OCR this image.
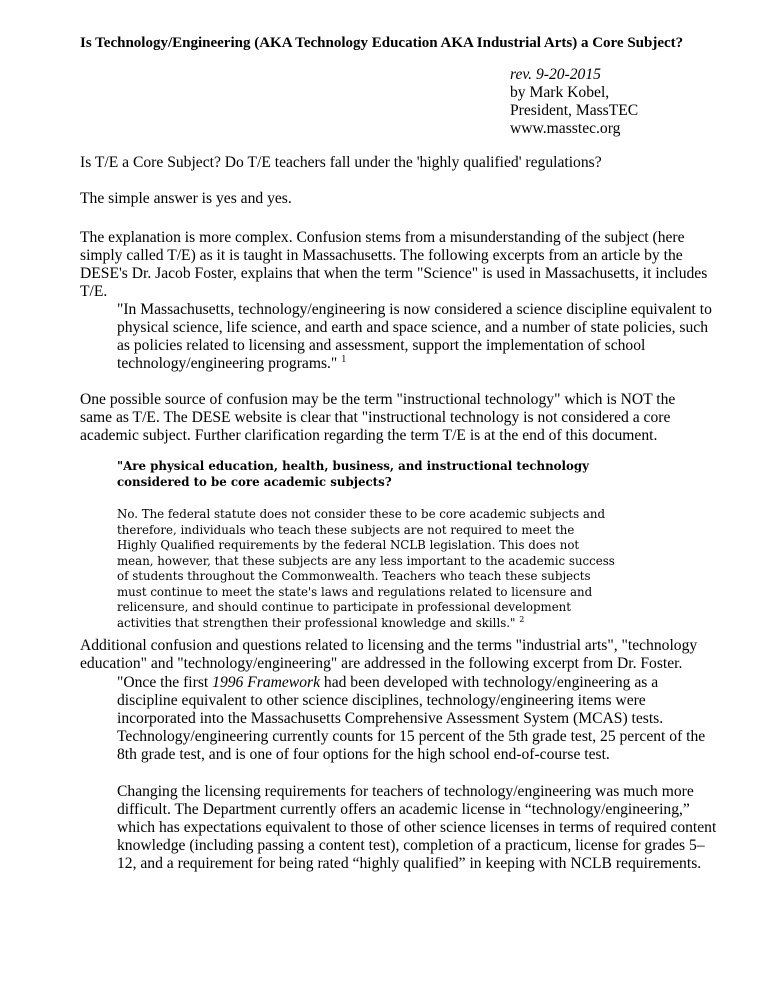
Is Technology/Engineering (AKA Technology Education AKA Industrial Arts) a Core Subject?

rev. 9-20-2015
by Mark Kobel,
President, MassTEC
www.masstec.org

Is T/E a Core Subject? Do T/E teachers fall under the 'highly qualified' regulations?

The simple answer is yes and yes.

The explanation is more complex. Confusion stems from a misunderstanding of the subject (here simply called T/E) as it is taught in Massachusetts. The following excerpts from an article by the DESE's Dr. Jacob Foster, explains that when the term "Science" is used in Massachusetts, it includes T/E.

"In Massachusetts, technology/engineering is now considered a science discipline equivalent to physical science, life science, and earth and space science, and a number of state policies, such as policies related to licensing and assessment, support the implementation of school technology/engineering programs." $^1$

One possible source of confusion may be the term "instructional technology" which is NOT the same as T/E. The DESE website is clear that "instructional technology is not considered a core academic subject. Further clarification regarding the term T/E is at the end of this document.

"Are physical education, health, business, and instructional technology considered to be core academic subjects?
No. The federal statute does not consider these to be core academic subjects and therefore, individuals who teach these subjects are not required to meet the Highly Qualified requirements by the federal NCLB legislation. This does not mean, however, that these subjects are any less important to the academic success of students throughout the Commonwealth. Teachers who teach these subjects must continue to meet the state's laws and regulations related to licensure and relicensure, and should continue to participate in professional development activities that strengthen their professional knowledge and skills." $^2$

Additional confusion and questions related to licensing and the terms "industrial arts", "technology education" and "technology/engineering" are addressed in the following excerpt from Dr. Foster.

"Once the first 1996 Framework had been developed with technology/engineering as a discipline equivalent to other science disciplines, technology/engineering items were incorporated into the Massachusetts Comprehensive Assessment System (MCAS) tests. Technology/engineering currently counts for 15 percent of the 5th grade test, 25 percent of the 8th grade test, and is one of four options for the high school end-of-course test.

Changing the licensing requirements for teachers of technology/engineering was much more difficult. The Department currently offers an academic license in “technology/engineering,” which has expectations equivalent to those of other science licenses in terms of required content knowledge (including passing a content test), completion of a practicum, license for grades 5–12, and a requirement for being rated “highly qualified” in keeping with NCLB requirements.
